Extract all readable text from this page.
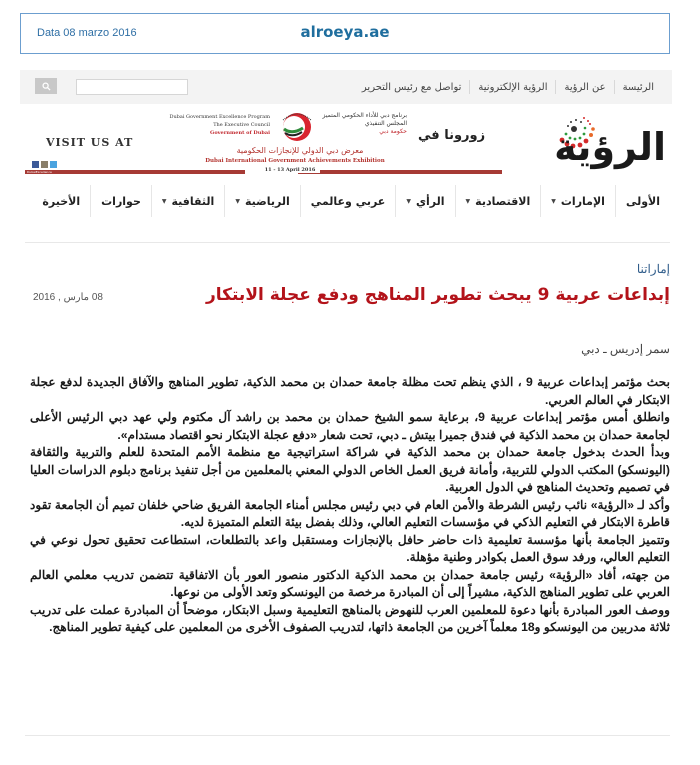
Data 08 marzo 2016	alroeya.ae
الرئيسة
عن الرؤية
الرؤية الإلكترونية
تواصل مع رئيس التحرير
VISIT US AT
DubaiExcellence
Dubai Government Excellence Program
The Executive Council
Government of Dubai
برنامج دبي للأداء الحكومي المتميز
المجلس التنفيذي
حكومة دبي
معرض دبي الدولي للإنجازات الحكومية
Dubai International Government Achievements Exhibition
11 - 13 April 2016
زورونا في الرؤية
الأولى
الإمارات
▼
الاقتصادية
▼
الرأي
▼
عربي وعالمي
الرياضية
▼
الثقافية
▼
حوارات
الأخيرة
إماراتنا
إبداعات عربية 9 يبحث تطوير المناهج ودفع عجلة الابتكار
08 مارس , 2016
سمر إدريس ـ دبي

بحث مؤتمر إبداعات عربية 9 ، الذي ينظم تحت مظلة جامعة حمدان بن محمد الذكية، تطوير المناهج والآفاق الجديدة لدفع عجلة الابتكار في العالم العربي.

وانطلق أمس مؤتمر إبداعات عربية 9، برعاية سمو الشيخ حمدان بن محمد بن راشد آل مكتوم ولي عهد دبي الرئيس الأعلى لجامعة حمدان بن محمد الذكية في فندق جميرا بيتش ـ دبي، تحت شعار «دفع عجلة الابتكار نحو اقتصاد مستدام».

وبدأ الحدث بدخول جامعة حمدان بن محمد الذكية في شراكة استراتيجية مع منظمة الأمم المتحدة للعلم والتربية والثقافة (اليونسكو) المكتب الدولي للتربية، وأمانة فريق العمل الخاص الدولي المعني بالمعلمين من أجل تنفيذ برنامج دبلوم الدراسات العليا في تصميم وتحديث المناهج في الدول العربية.

وأكد لـ «الرؤية» نائب رئيس الشرطة والأمن العام في دبي رئيس مجلس أمناء الجامعة الفريق ضاحي خلفان تميم أن الجامعة تقود قاطرة الابتكار في التعليم الذكي في مؤسسات التعليم العالي، وذلك بفضل بيئة التعلم المتميزة لديه.

وتتميز الجامعة بأنها مؤسسة تعليمية ذات حاضر حافل بالإنجازات ومستقبل واعد بالتطلعات، استطاعت تحقيق تحول نوعي في التعليم العالي، ورفد سوق العمل بكوادر وطنية مؤهلة.

من جهته، أفاد «الرؤية» رئيس جامعة حمدان بن محمد الذكية الدكتور منصور العور بأن الاتفاقية تتضمن تدريب معلمي العالم العربي على تطوير المناهج الذكية، مشيراً إلى أن المبادرة مرخصة من اليونسكو وتعد الأولى من نوعها.

ووصف العور المبادرة بأنها دعوة للمعلمين العرب للنهوض بالمناهج التعليمية وسبل الابتكار، موضحاً أن المبادرة عملت على تدريب ثلاثة مدربين من اليونسكو و18 معلماً آخرين من الجامعة ذاتها، لتدريب الصفوف الأخرى من المعلمين على كيفية تطوير المناهج.
